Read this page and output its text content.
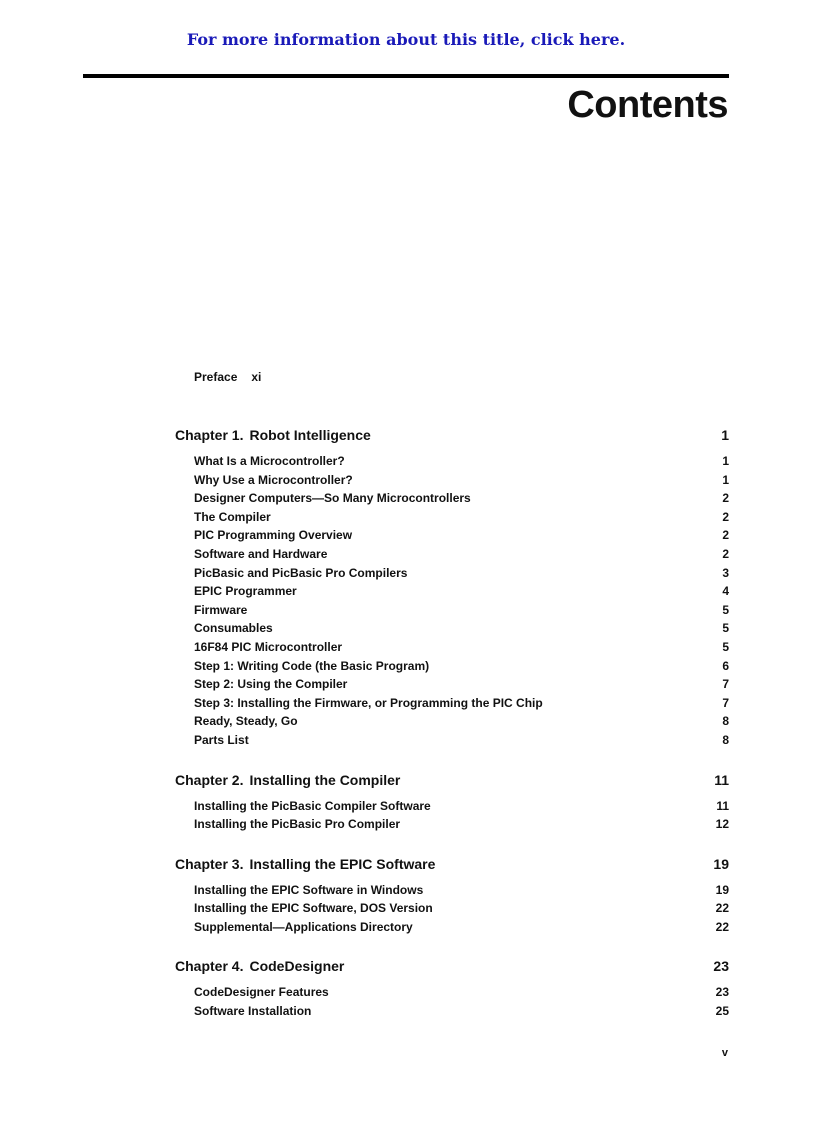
For more information about this title, click here.
Contents
Preface xi
Chapter 1. Robot Intelligence	1
What Is a Microcontroller?	1
Why Use a Microcontroller?	1
Designer Computers—So Many Microcontrollers	2
The Compiler	2
PIC Programming Overview	2
Software and Hardware	2
PicBasic and PicBasic Pro Compilers	3
EPIC Programmer	4
Firmware	5
Consumables	5
16F84 PIC Microcontroller	5
Step 1: Writing Code (the Basic Program)	6
Step 2: Using the Compiler	7
Step 3: Installing the Firmware, or Programming the PIC Chip	7
Ready, Steady, Go	8
Parts List	8
Chapter 2. Installing the Compiler	11
Installing the PicBasic Compiler Software	11
Installing the PicBasic Pro Compiler	12
Chapter 3. Installing the EPIC Software	19
Installing the EPIC Software in Windows	19
Installing the EPIC Software, DOS Version	22
Supplemental—Applications Directory	22
Chapter 4. CodeDesigner	23
CodeDesigner Features	23
Software Installation	25
v
